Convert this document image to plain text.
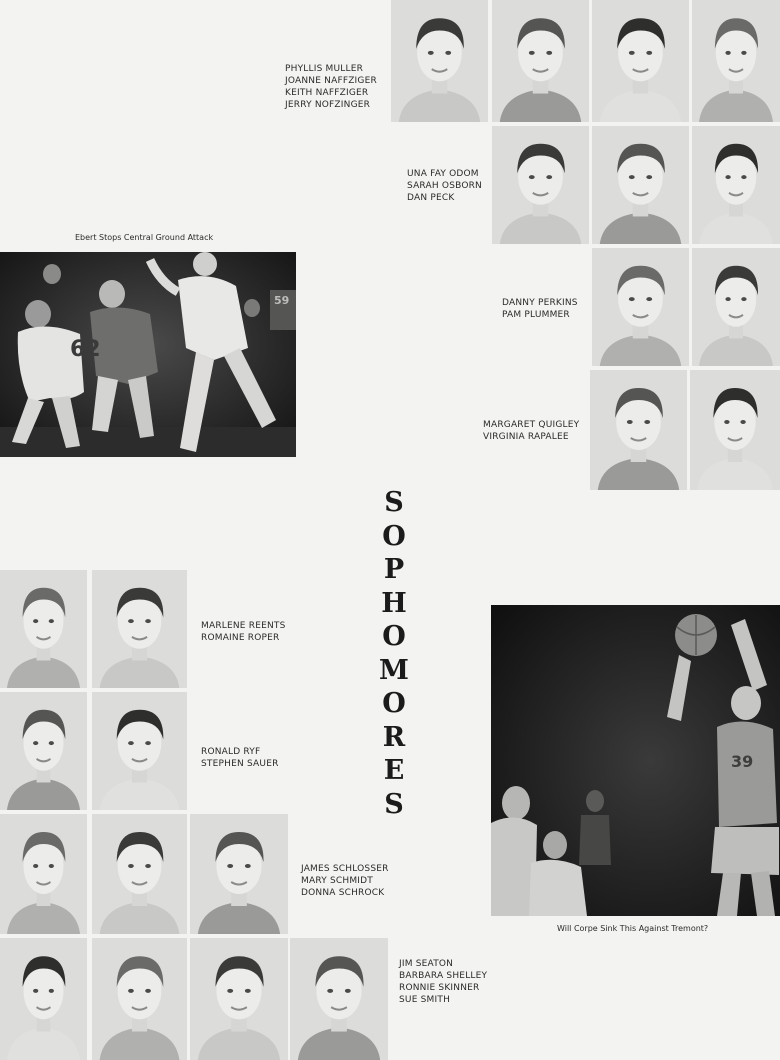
PHYLLIS MULLER
JOANNE NAFFZIGER
KEITH NAFFZIGER
JERRY NOFZINGER
UNA FAY ODOM
SARAH OSBORN
DAN PECK
DANNY PERKINS
PAM PLUMMER
MARGARET QUIGLEY
VIRGINIA RAPALEE
MARLENE REENTS
ROMAINE ROPER
RONALD RYF
STEPHEN SAUER
JAMES SCHLOSSER
MARY SCHMIDT
DONNA SCHROCK
JIM SEATON
BARBARA SHELLEY
RONNIE SKINNER
SUE SMITH
S
O
P
H
O
M
O
R
E
S
Ebert Stops Central Ground Attack
Will Corpe Sink This Against Tremont?
62
59
39
